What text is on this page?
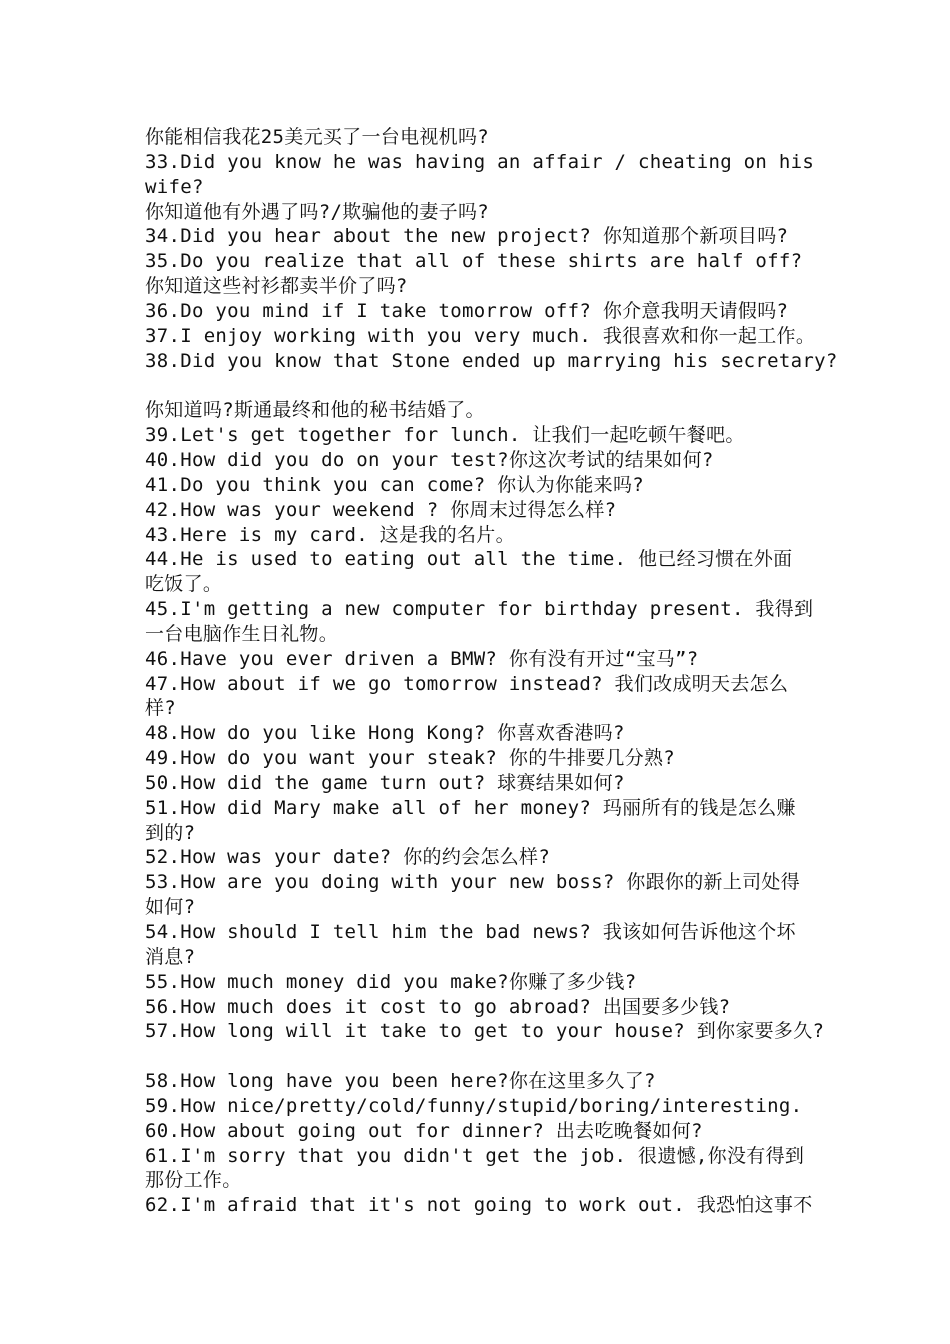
你能相信我花25美元买了一台电视机吗?
33.Did you know he was having an affair / cheating on his
wife?
你知道他有外遇了吗?/欺骗他的妻子吗?
34.Did you hear about the new project? 你知道那个新项目吗?
35.Do you realize that all of these shirts are half off?
你知道这些衬衫都卖半价了吗?
36.Do you mind if I take tomorrow off? 你介意我明天请假吗?
37.I enjoy working with you very much. 我很喜欢和你一起工作。
38.Did you know that Stone ended up marrying his secretary?
你知道吗?斯通最终和他的秘书结婚了。
39.Let's get together for lunch. 让我们一起吃顿午餐吧。
40.How did you do on your test?你这次考试的结果如何?
41.Do you think you can come? 你认为你能来吗?
42.How was your weekend ? 你周末过得怎么样?
43.Here is my card. 这是我的名片。
44.He is used to eating out all the time. 他已经习惯在外面
吃饭了。
45.I'm getting a new computer for birthday present. 我得到
一台电脑作生日礼物。
46.Have you ever driven a BMW? 你有没有开过“宝马”?
47.How about if we go tomorrow instead? 我们改成明天去怎么
样?
48.How do you like Hong Kong? 你喜欢香港吗?
49.How do you want your steak? 你的牛排要几分熟?
50.How did the game turn out? 球赛结果如何?
51.How did Mary make all of her money? 玛丽所有的钱是怎么赚
到的?
52.How was your date? 你的约会怎么样?
53.How are you doing with your new boss? 你跟你的新上司处得
如何?
54.How should I tell him the bad news? 我该如何告诉他这个坏
消息?
55.How much money did you make?你赚了多少钱?
56.How much does it cost to go abroad? 出国要多少钱?
57.How long will it take to get to your house? 到你家要多久?
58.How long have you been here?你在这里多久了?
59.How nice/pretty/cold/funny/stupid/boring/interesting.
60.How about going out for dinner? 出去吃晚餐如何?
61.I'm sorry that you didn't get the job. 很遗憾,你没有得到
那份工作。
62.I'm afraid that it's not going to work out. 我恐怕这事不
